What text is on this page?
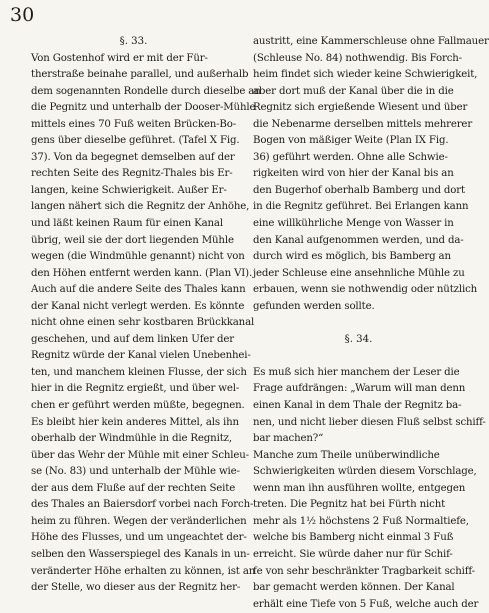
30
§. 33.
Von Gostenhof wird er mit der Für-
therstraße beinahe parallel, und außerhalb
dem sogenannten Rondelle durch dieselbe an
die Pegnitz und unterhalb der Dooser-Mühle
mittels eines 70 Fuß weiten Brücken-Bo-
gens über dieselbe geführet. (Tafel X Fig.
37). Von da begegnet demselben auf der
rechten Seite des Regnitz-Thales bis Er-
langen, keine Schwierigkeit. Außer Er-
langen nähert sich die Regnitz der Anhöhe,
und läßt keinen Raum für einen Kanal
übrig, weil sie der dort liegenden Mühle
wegen (die Windmühle genannt) nicht von
den Höhen entfernt werden kann. (Plan VI).
Auch auf die andere Seite des Thales kann
der Kanal nicht verlegt werden. Es könnte
nicht ohne einen sehr kostbaren Brückkanal
geschehen, und auf dem linken Ufer der
Regnitz würde der Kanal vielen Unebenhei-
ten, und manchem kleinen Flusse, der sich
hier in die Regnitz ergießt, und über wel-
chen er geführt werden müßte, begegnen.
Es bleibt hier kein anderes Mittel, als ihn
oberhalb der Windmühle in die Regnitz,
über das Wehr der Mühle mit einer Schleu-
se (No. 83) und unterhalb der Mühle wie-
der aus dem Fluße auf der rechten Seite
des Thales an Baiersdorf vorbei nach Forch-
heim zu führen. Wegen der veränderlichen
Höhe des Flusses, und um ungeachtet der-
selben den Wasserspiegel des Kanals in un-
veränderter Höhe erhalten zu können, ist an
der Stelle, wo dieser aus der Regnitz her-
austritt, eine Kammerschleuse ohne Fallmauer
(Schleuse No. 84) nothwendig. Bis Forch-
heim findet sich wieder keine Schwierigkeit,
aber dort muß der Kanal über die in die
Regnitz sich ergießende Wiesent und über
die Nebenarme derselben mittels mehrerer
Bogen von mäßiger Weite (Plan IX Fig.
36) geführt werden. Ohne alle Schwie-
rigkeiten wird von hier der Kanal bis an
den Bugerhof oberhalb Bamberg und dort
in die Regnitz geführet. Bei Erlangen kann
eine willkührliche Menge von Wasser in
den Kanal aufgenommen werden, und da-
durch wird es möglich, bis Bamberg an
jeder Schleuse eine ansehnliche Mühle zu
erbauen, wenn sie nothwendig oder nützlich
gefunden werden sollte.
§. 34.
Es muß sich hier manchem der Leser die
Frage aufdrängen: „Warum will man denn
einen Kanal in dem Thale der Regnitz ba-
nen, und nicht lieber diesen Fluß selbst schiff-
bar machen?“
Manche zum Theile unüberwindliche
Schwierigkeiten würden diesem Vorschlage,
wenn man ihn ausführen wollte, entgegen
treten. Die Pegnitz hat bei Fürth nicht
mehr als 1½ höchstens 2 Fuß Normaltiefe,
welche bis Bamberg nicht einmal 3 Fuß
erreicht. Sie würde daher nur für Schif-
fe von sehr beschränkter Tragbarkeit schiff-
bar gemacht werden können. Der Kanal
erhält eine Tiefe von 5 Fuß, welche auch der
